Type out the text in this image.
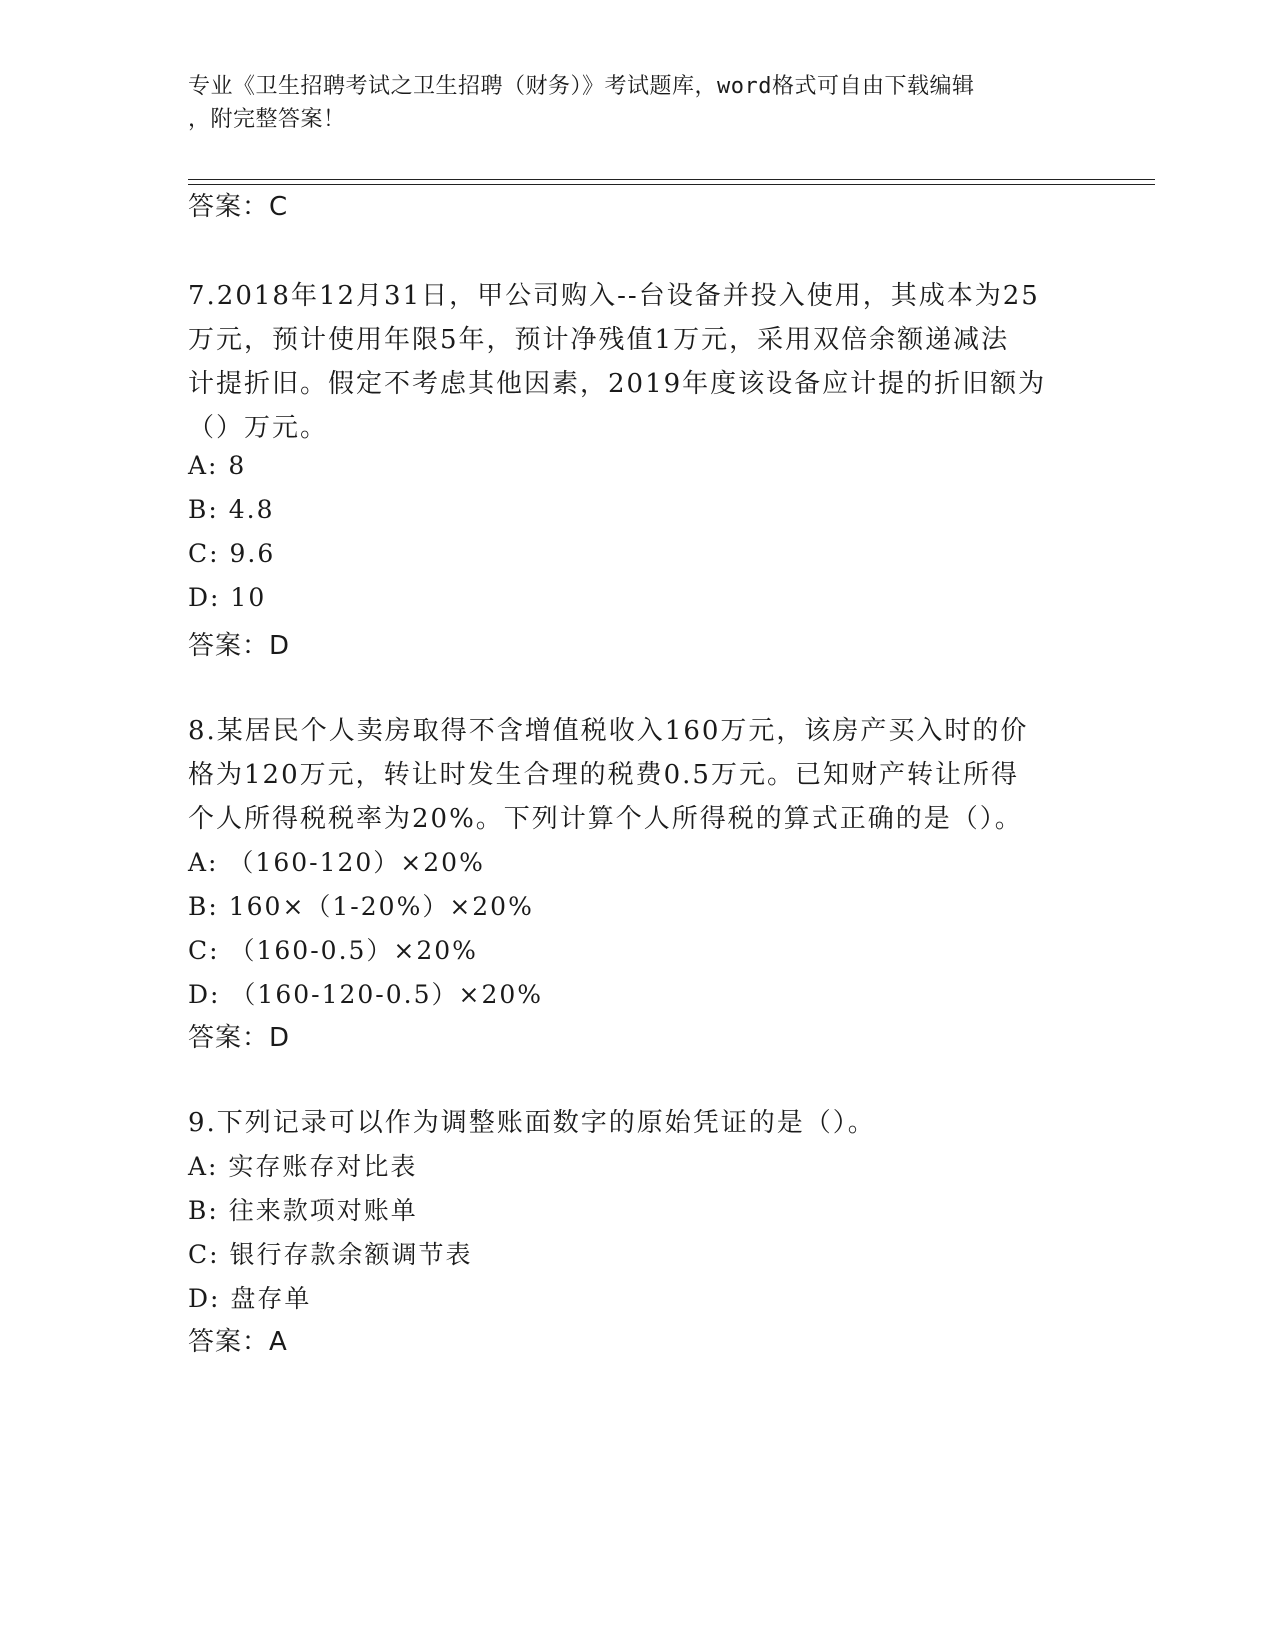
专业《卫生招聘考试之卫生招聘（财务）》考试题库，word格式可自由下载编辑
，附完整答案！
答案：C
7.2018年12月31日，甲公司购入--台设备并投入使用，其成本为25
万元，预计使用年限5年，预计净残值1万元，采用双倍余额递减法
计提折旧。假定不考虑其他因素，2019年度该设备应计提的折旧额为
（）万元。
A: 8
B: 4.8
C: 9.6
D: 10
答案：D
8.某居民个人卖房取得不含增值税收入160万元，该房产买入时的价
格为120万元，转让时发生合理的税费0.5万元。已知财产转让所得
个人所得税税率为20%。下列计算个人所得税的算式正确的是（）。
A: （160-120）×20%
B: 160×（1-20%）×20%
C: （160-0.5）×20%
D: （160-120-0.5）×20%
答案：D
9.下列记录可以作为调整账面数字的原始凭证的是（）。
A: 实存账存对比表
B: 往来款项对账单
C: 银行存款余额调节表
D: 盘存单
答案：A
